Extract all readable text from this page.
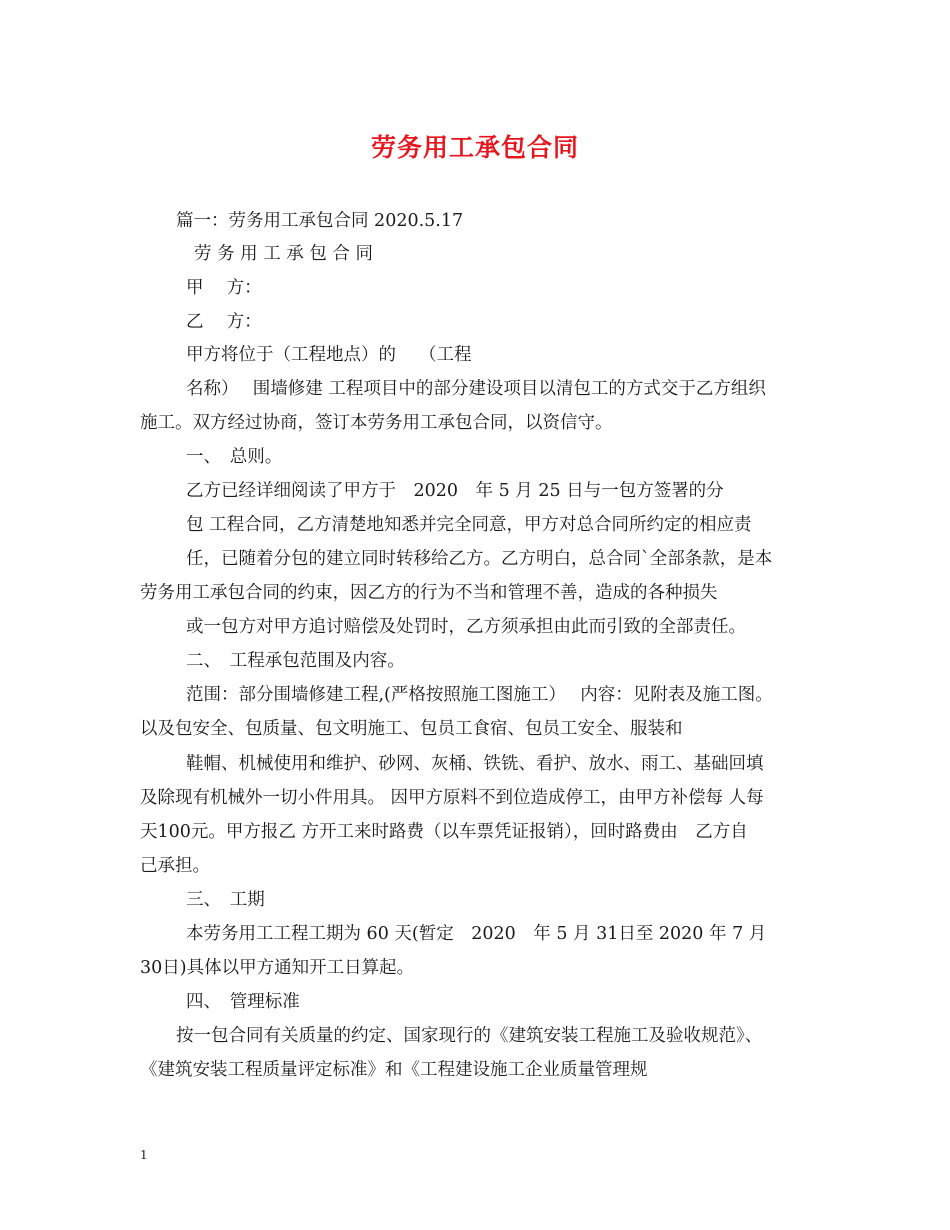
劳务用工承包合同
篇一：劳务用工承包合同 2020.5.17
劳 务 用 工 承 包 合 同
甲　 方：
乙　 方：
甲方将位于（工程地点）的　 （工程
名称）　 围墙修建 工程项目中的部分建设项目以清包工的方式交于乙方组织
施工。双方经过协商，签订本劳务用工承包合同，以资信守。
一、　总则。
乙方已经详细阅读了甲方于　2020　年 5 月 25 日与一包方签署的分
包 工程合同，乙方清楚地知悉并完全同意，甲方对总合同所约定的相应责
任，已随着分包的建立同时转移给乙方。乙方明白，总合同`全部条款，是本
劳务用工承包合同的约束，因乙方的行为不当和管理不善，造成的各种损失
或一包方对甲方追讨赔偿及处罚时，乙方须承担由此而引致的全部责任。
二、　工程承包范围及内容。
范围：部分围墙修建工程,(严格按照施工图施工）　 内容：见附表及施工图。
以及包安全、包质量、包文明施工、包员工食宿、包员工安全、服装和
鞋帽、机械使用和维护、砂网、灰桶、铁铣、看护、放水、雨工、基础回填
及除现有机械外一切小件用具。 因甲方原料不到位造成停工，由甲方补偿每 人每
天100元。甲方报乙 方开工来时路费（以车票凭证报销），回时路费由　乙方自
己承担。
三、　工期
本劳务用工工程工期为 60 天(暂定　2020　年 5 月 31日至 2020 年 7 月
30日)具体以甲方通知开工日算起。
四、　管理标准
按一包合同有关质量的约定、国家现行的《建筑安装工程施工及验收规范》、
《建筑安装工程质量评定标准》和《工程建设施工企业质量管理规
1
